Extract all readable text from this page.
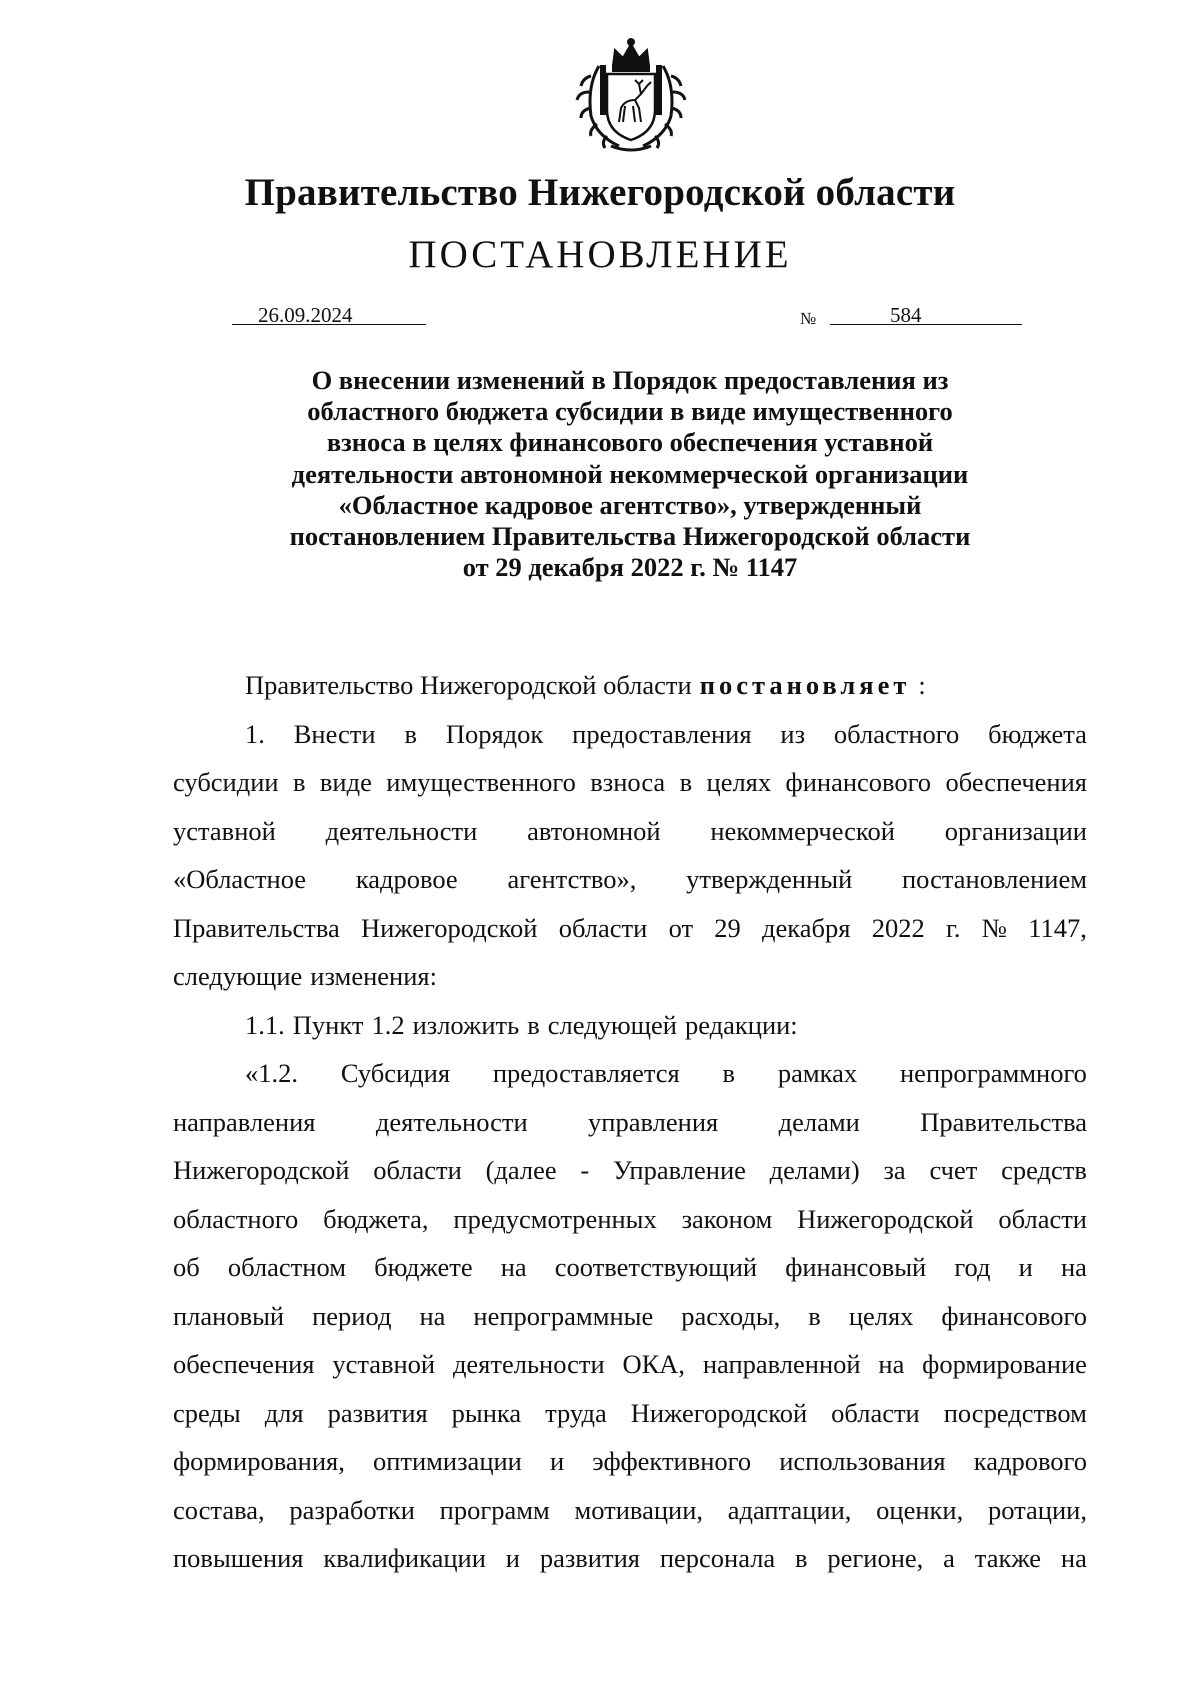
Правительство Нижегородской области
ПОСТАНОВЛЕНИЕ
26.09.2024	№	584
О внесении изменений в Порядок предоставления из
областного бюджета субсидии в виде имущественного
взноса в целях финансового обеспечения уставной
деятельности автономной некоммерческой организации
«Областное кадровое агентство», утвержденный
постановлением Правительства Нижегородской области
от 29 декабря 2022 г. № 1147
Правительство Нижегородской области постановляет :
1. Внести в Порядок предоставления из областного бюджета
субсидии в виде имущественного взноса в целях финансового обеспечения
уставной деятельности автономной некоммерческой организации
«Областное кадровое агентство», утвержденный постановлением
Правительства Нижегородской области от 29 декабря 2022 г. № 1147,
следующие изменения:
1.1. Пункт 1.2 изложить в следующей редакции:
«1.2. Субсидия предоставляется в рамках непрограммного
направления деятельности управления делами Правительства
Нижегородской области (далее - Управление делами) за счет средств
областного бюджета, предусмотренных законом Нижегородской области
об областном бюджете на соответствующий финансовый год и на
плановый период на непрограммные расходы, в целях финансового
обеспечения уставной деятельности ОКА, направленной на формирование
среды для развития рынка труда Нижегородской области посредством
формирования, оптимизации и эффективного использования кадрового
состава, разработки программ мотивации, адаптации, оценки, ротации,
повышения квалификации и развития персонала в регионе, а также на
